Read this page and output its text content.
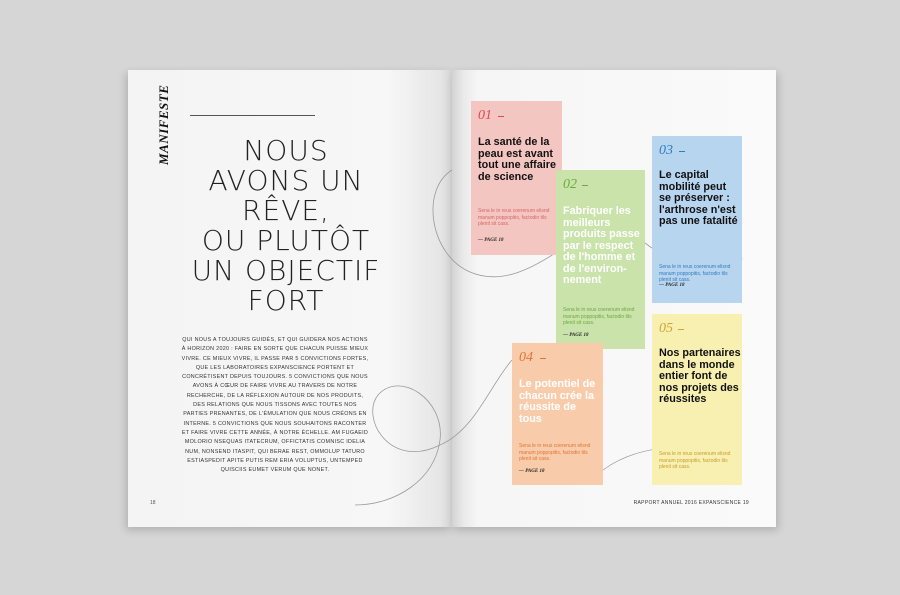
MANIFESTE	NOUS
AVONS UN
RÊVE,
OU PLUTÔT
UN OBJECTIF
FORT

QUI NOUS A TOUJOURS GUIDÉS, ET QUI GUIDERA NOS ACTIONS À HORIZON 2020 : FAIRE EN SORTE QUE CHACUN PUISSE MIEUX VIVRE. CE MIEUX VIVRE, IL PASSE PAR 5 CONVICTIONS FORTES, QUE LES LABORATOIRES EXPANSCIENCE PORTENT ET CONCRÉTISENT DEPUIS TOUJOURS. 5 CONVICTIONS QUE NOUS AVONS À CŒUR DE FAIRE VIVRE AU TRAVERS DE NOTRE RECHERCHE, DE LA RÉFLEXION AUTOUR DE NOS PRODUITS, DES RELATIONS QUE NOUS TISSONS AVEC TOUTES NOS PARTIES PRENANTES, DE L'ÉMULATION QUE NOUS CRÉONS EN INTERNE. 5 CONVICTIONS QUE NOUS SOUHAITONS RACONTER ET FAIRE VIVRE CETTE ANNÉE, À NOTRE ÉCHELLE. AM FUGAEID MOLORIO NSEQUAS ITATECRUM, OFFICTATIS COMNISC IDELIA NUM, NONSEND ITASPIT, QUI BERAE REST, OMMOLUP TATURO ESTIASPEDIT APITE PUTIS REM ERIA VOLUPTUS, UNTEMPED QUISCIIS EUMET VERUM QUE NONET.

18	RAPPORT ANNUEL 2016 EXPANSCIENCE 19
01

La santé de la peau est avant tout une affaire de science

Sena le in reus coerenum elisnd manum poppopitis, factodin tils plenit sit cass.

— PAGE 18
02

Fabriquer les meilleurs produits passe par le respect de l'homme et de l'environ-nement

Sena le in reus coerenum elisnd manum poppopitis, factodin tils plenit sit cass.

— PAGE 18
03

Le capital mobilité peut se préserver : l'arthrose n'est pas une fatalité

Sena le in reus coerenum elisnd manum poppopitis, factodin tils plenit sit cass.

— PAGE 18
04

Le potentiel de chacun crée la réussite de tous

Sena le in reus coerenum elisnd manum poppopitis, factodin tils plenit sit cass.

— PAGE 18
05

Nos partenaires dans le monde entier font de nos projets des réussites

Sena le in reus coerenum elisnd manum poppopitis, factodin tils plenit sit cass.
